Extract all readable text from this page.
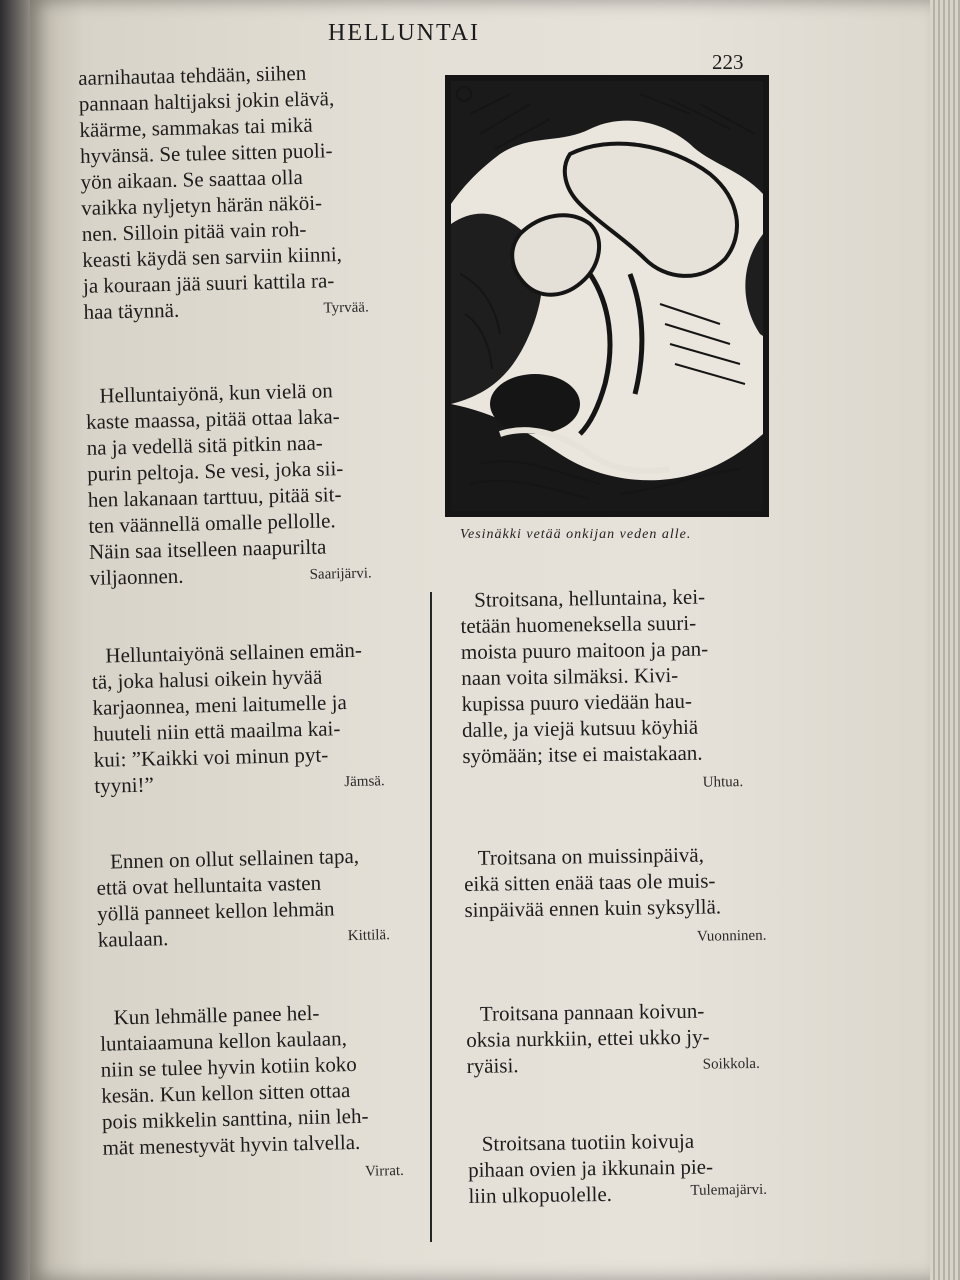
HELLUNTAI
223
aarnihautaa tehdään, siihen
pannaan haltijaksi jokin elävä,
käärme, sammakas tai mikä
hyvänsä. Se tulee sitten puoli-
yön aikaan. Se saattaa olla
vaikka nyljetyn härän näköi-
nen. Silloin pitää vain roh-
keasti käydä sen sarviin kiinni,
ja kouraan jää suuri kattila ra-
haa täynnä.	Tyrvää.
Helluntaiyönä, kun vielä on
kaste maassa, pitää ottaa laka-
na ja vedellä sitä pitkin naa-
purin peltoja. Se vesi, joka sii-
hen lakanaan tarttuu, pitää sit-
ten väännellä omalle pellolle.
Näin saa itselleen naapurilta
viljaonnen.	Saarijärvi.
Helluntaiyönä sellainen emän-
tä, joka halusi oikein hyvää
karjaonnea, meni laitumelle ja
huuteli niin että maailma kai-
kui: ”Kaikki voi minun pyt-
tyyni!”	Jämsä.
Ennen on ollut sellainen tapa,
että ovat helluntaita vasten
yöllä panneet kellon lehmän
kaulaan.	Kittilä.
Kun lehmälle panee hel-
luntaiaamuna kellon kaulaan,
niin se tulee hyvin kotiin koko
kesän. Kun kellon sitten ottaa
pois mikkelin santtina, niin leh-
mät menestyvät hyvin talvella.
Virrat.
Vesinäkki vetää onkijan veden alle.
Stroitsana, helluntaina, kei-
tetään huomeneksella suuri-
moista puuro maitoon ja pan-
naan voita silmäksi. Kivi-
kupissa puuro viedään hau-
dalle, ja viejä kutsuu köyhiä
syömään; itse ei maistakaan.
Uhtua.
Troitsana on muissinpäivä,
eikä sitten enää taas ole muis-
sinpäivää ennen kuin syksyllä.
Vuonninen.
Troitsana pannaan koivun-
oksia nurkkiin, ettei ukko jy-
ryäisi.	Soikkola.
Stroitsana tuotiin koivuja
pihaan ovien ja ikkunain pie-
liin ulkopuolelle.	Tulemajärvi.
